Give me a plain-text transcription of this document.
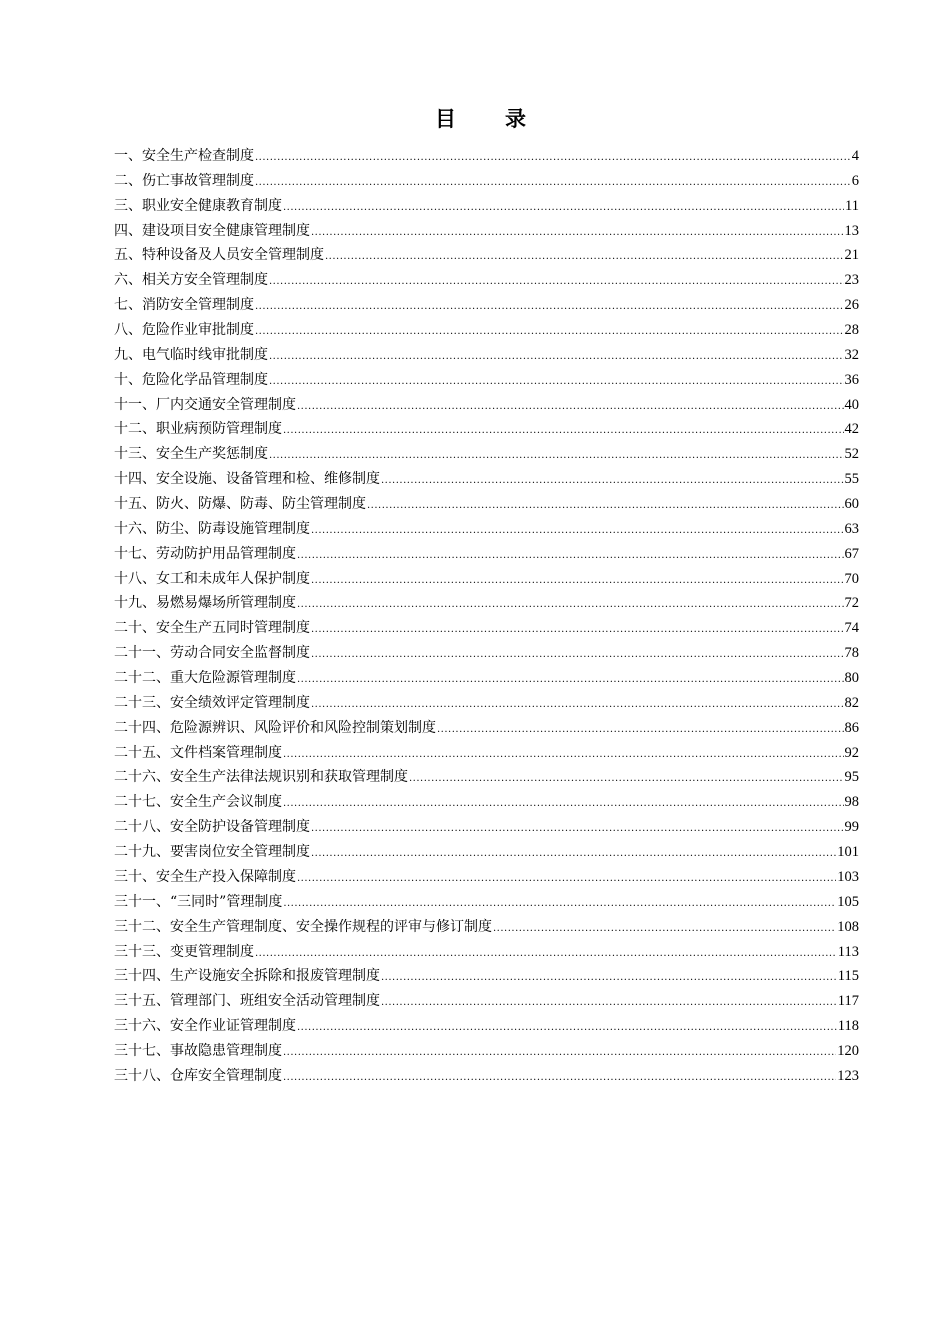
目　录
一、安全生产检查制度 .....	4
二、伤亡事故管理制度 .....	6
三、职业安全健康教育制度 .....	11
四、建设项目安全健康管理制度 .....	13
五、特种设备及人员安全管理制度 .....	21
六、相关方安全管理制度 .....	23
七、消防安全管理制度 .....	26
八、危险作业审批制度 .....	28
九、电气临时线审批制度 .....	32
十、危险化学品管理制度 .....	36
十一、厂内交通安全管理制度 .....	40
十二、职业病预防管理制度 .....	42
十三、安全生产奖惩制度 .....	52
十四、安全设施、设备管理和检、维修制度 .....	55
十五、防火、防爆、防毒、防尘管理制度 .....	60
十六、防尘、防毒设施管理制度 .....	63
十七、劳动防护用品管理制度 .....	67
十八、女工和未成年人保护制度 .....	70
十九、易燃易爆场所管理制度 .....	72
二十、安全生产五同时管理制度 .....	74
二十一、劳动合同安全监督制度 .....	78
二十二、重大危险源管理制度 .....	80
二十三、安全绩效评定管理制度 .....	82
二十四、危险源辨识、风险评价和风险控制策划制度 .....	86
二十五、文件档案管理制度 .....	92
二十六、安全生产法律法规识别和获取管理制度 .....	95
二十七、安全生产会议制度 .....	98
二十八、安全防护设备管理制度 .....	99
二十九、要害岗位安全管理制度 .....	101
三十、安全生产投入保障制度 .....	103
三十一、“三同时”管理制度 .....	105
三十二、安全生产管理制度、安全操作规程的评审与修订制度 .....	108
三十三、变更管理制度 .....	113
三十四、生产设施安全拆除和报废管理制度 .....	115
三十五、管理部门、班组安全活动管理制度 .....	117
三十六、安全作业证管理制度 .....	118
三十七、事故隐患管理制度 .....	120
三十八、仓库安全管理制度 .....	123
